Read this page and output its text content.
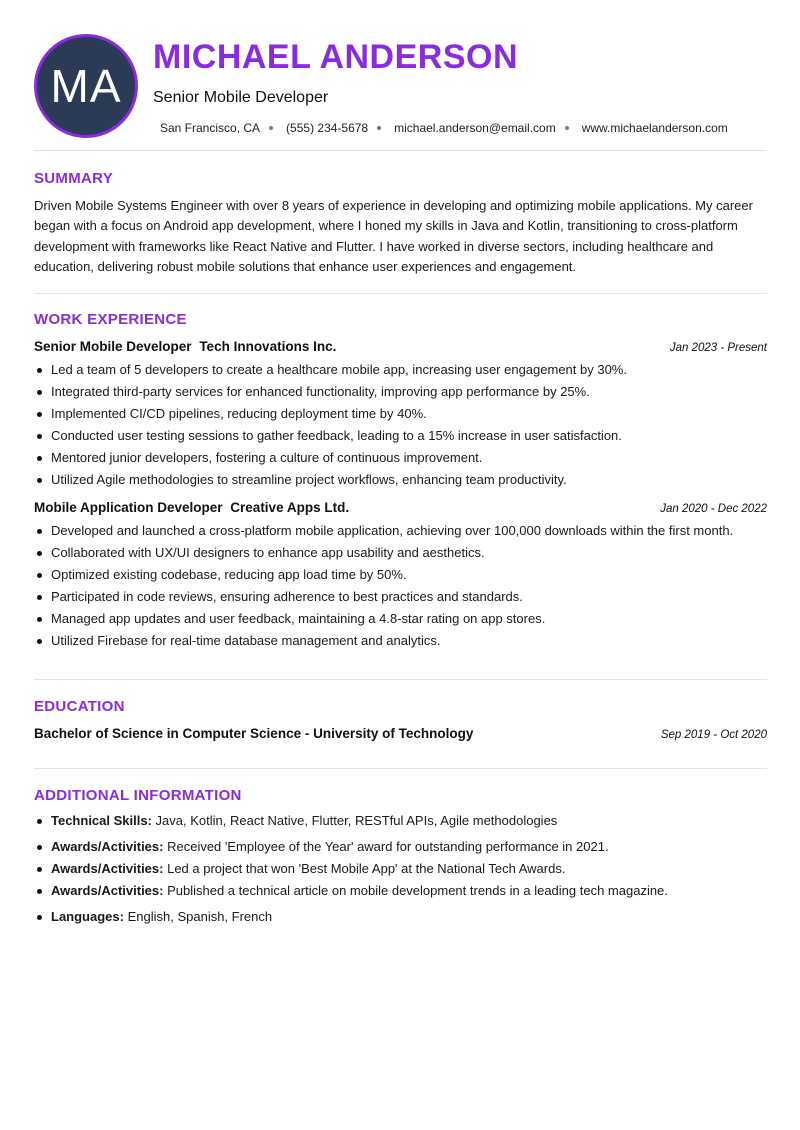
MA
MICHAEL ANDERSON
Senior Mobile Developer
San Francisco, CA (555) 234-5678 michael.anderson@email.com www.michaelanderson.com
SUMMARY

Driven Mobile Systems Engineer with over 8 years of experience in developing and optimizing mobile applications. My career began with a focus on Android app development, where I honed my skills in Java and Kotlin, transitioning to cross-platform development with frameworks like React Native and Flutter. I have worked in diverse sectors, including healthcare and education, delivering robust mobile solutions that enhance user experiences and engagement.

WORK EXPERIENCE
Senior Mobile Developer Tech Innovations Inc.	Jan 2023 - Present
Led a team of 5 developers to create a healthcare mobile app, increasing user engagement by 30%.
Integrated third-party services for enhanced functionality, improving app performance by 25%.
Implemented CI/CD pipelines, reducing deployment time by 40%.
Conducted user testing sessions to gather feedback, leading to a 15% increase in user satisfaction.
Mentored junior developers, fostering a culture of continuous improvement.
Utilized Agile methodologies to streamline project workflows, enhancing team productivity.
Mobile Application Developer Creative Apps Ltd.	Jan 2020 - Dec 2022
Developed and launched a cross-platform mobile application, achieving over 100,000 downloads within the first month.
Collaborated with UX/UI designers to enhance app usability and aesthetics.
Optimized existing codebase, reducing app load time by 50%.
Participated in code reviews, ensuring adherence to best practices and standards.
Managed app updates and user feedback, maintaining a 4.8-star rating on app stores.
Utilized Firebase for real-time database management and analytics.
EDUCATION
Bachelor of Science in Computer Science - University of Technology	Sep 2019 - Oct 2020
ADDITIONAL INFORMATION
Technical Skills: Java, Kotlin, React Native, Flutter, RESTful APIs, Agile methodologies
Awards/Activities: Received 'Employee of the Year' award for outstanding performance in 2021.
Awards/Activities: Led a project that won 'Best Mobile App' at the National Tech Awards.
Awards/Activities: Published a technical article on mobile development trends in a leading tech magazine.
Languages: English, Spanish, French
